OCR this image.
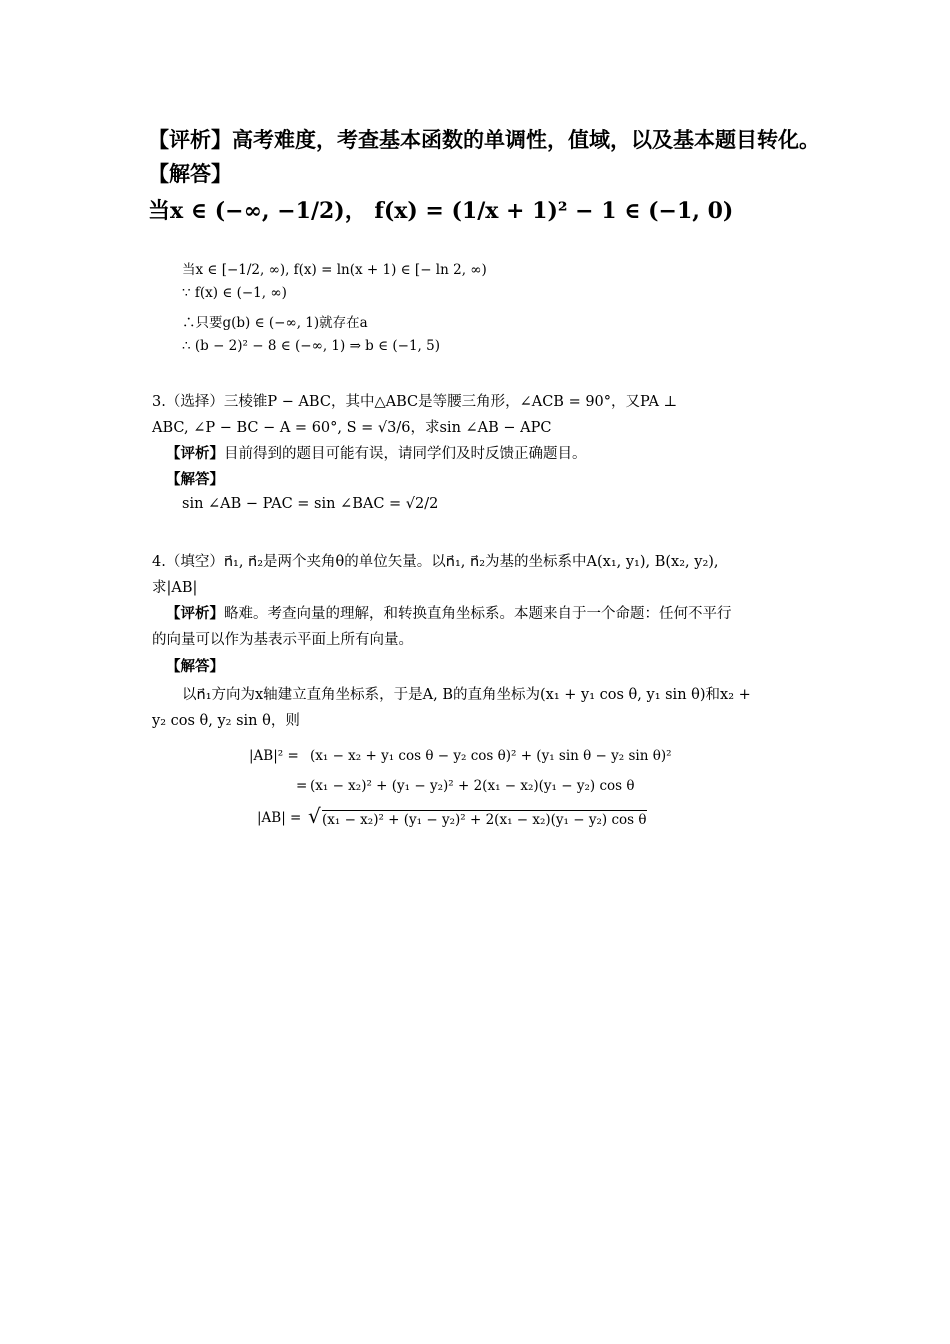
【评析】高考难度，考查基本函数的单调性，值域，以及基本题目转化。
【解答】
当x ∈ (−∞, −1/2)， f(x) = (1/x + 1)² − 1 ∈ (−1, 0)
当x ∈ [−1/2, ∞), f(x) = ln(x + 1) ∈ [− ln 2, ∞)
∵ f(x) ∈ (−1, ∞)
∴只要g(b) ∈ (−∞, 1)就存在a
∴ (b − 2)² − 8 ∈ (−∞, 1) ⇒ b ∈ (−1, 5)
3.（选择）三棱锥P − ABC，其中△ABC是等腰三角形，∠ACB = 90°，又PA ⊥
ABC, ∠P − BC − A = 60°, S = √3/6，求sin ∠AB − APC
【评析】目前得到的题目可能有误，请同学们及时反馈正确题目。
【解答】
sin ∠AB − PAC = sin ∠BAC = √2/2
4.（填空）n⃗₁, n⃗₂是两个夹角θ的单位矢量。以n⃗₁, n⃗₂为基的坐标系中A(x₁, y₁), B(x₂, y₂),
求|AB|
【评析】略难。考查向量的理解，和转换直角坐标系。本题来自于一个命题：任何不平行
的向量可以作为基表示平面上所有向量。
【解答】
以n⃗₁方向为x轴建立直角坐标系，于是A, B的直角坐标为(x₁ + y₁ cos θ, y₁ sin θ)和x₂ +
y₂ cos θ, y₂ sin θ，则
|AB|² = (x₁ − x₂ + y₁ cos θ − y₂ cos θ)² + (y₁ sin θ − y₂ sin θ)²
= (x₁ − x₂)² + (y₁ − y₂)² + 2(x₁ − x₂)(y₁ − y₂) cos θ
|AB| = √ (x₁ − x₂)² + (y₁ − y₂)² + 2(x₁ − x₂)(y₁ − y₂) cos θ
